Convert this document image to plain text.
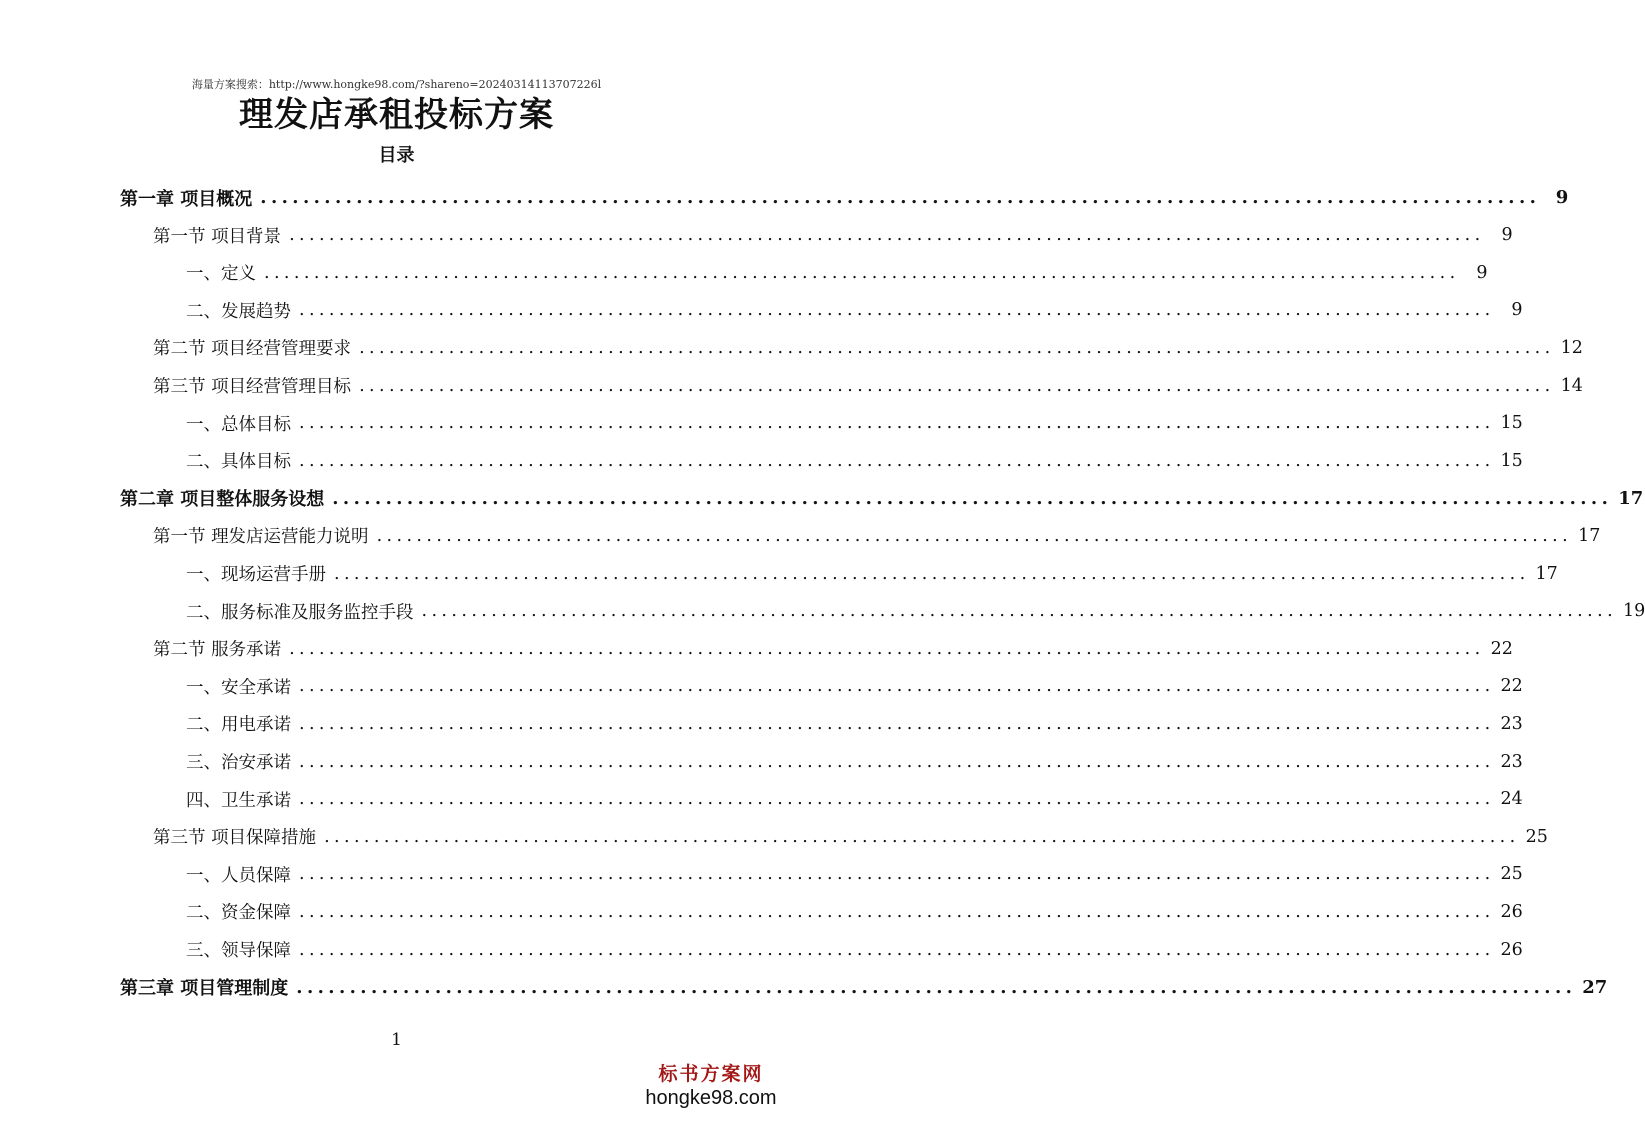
海量方案搜索：http://www.hongke98.com/?shareno=20240314113707226l
理发店承租投标方案
目录
第一章 项目概况 ........................................................................................................................ 9
第一节 项目背景 ........................................................................................................................ 9
一、定义 ........................................................................................................................ 9
二、发展趋势 ........................................................................................................................ 9
第二节 项目经营管理要求 ........................................................................................................................ 12
第三节 项目经营管理目标 ........................................................................................................................ 14
一、总体目标 ........................................................................................................................ 15
二、具体目标 ........................................................................................................................ 15
第二章 项目整体服务设想 ........................................................................................................................ 17
第一节 理发店运营能力说明 ........................................................................................................................ 17
一、现场运营手册 ........................................................................................................................ 17
二、服务标准及服务监控手段 ........................................................................................................................ 19
第二节 服务承诺 ........................................................................................................................ 22
一、安全承诺 ........................................................................................................................ 22
二、用电承诺 ........................................................................................................................ 23
三、治安承诺 ........................................................................................................................ 23
四、卫生承诺 ........................................................................................................................ 24
第三节 项目保障措施 ........................................................................................................................ 25
一、人员保障 ........................................................................................................................ 25
二、资金保障 ........................................................................................................................ 26
三、领导保障 ........................................................................................................................ 26
第三章 项目管理制度 ........................................................................................................................ 27
1
标书方案网
hongke98.com
